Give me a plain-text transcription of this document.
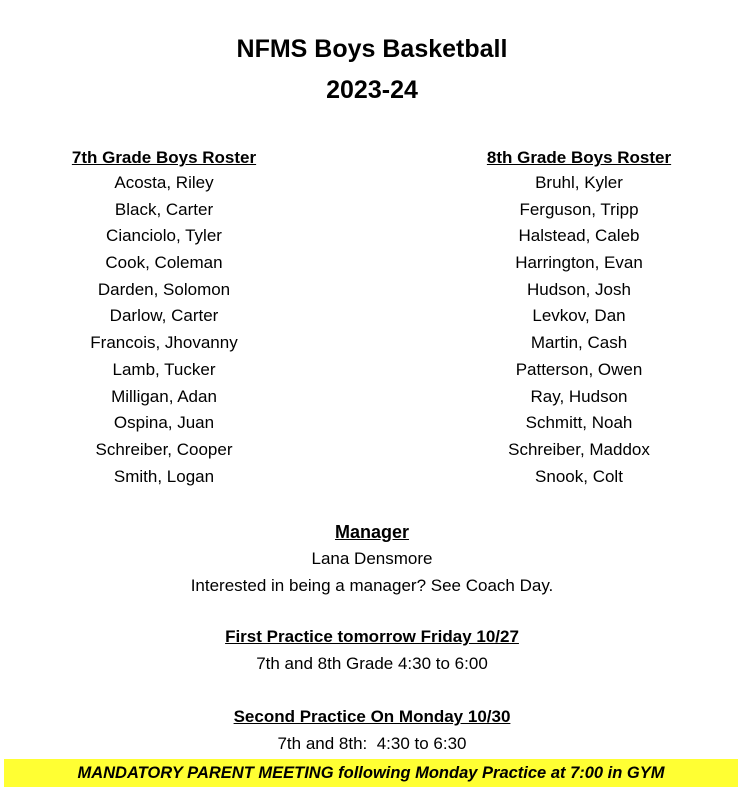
NFMS Boys Basketball
2023-24
7th Grade Boys Roster
Acosta, Riley
Black, Carter
Cianciolo, Tyler
Cook, Coleman
Darden, Solomon
Darlow, Carter
Francois, Jhovanny
Lamb, Tucker
Milligan, Adan
Ospina, Juan
Schreiber, Cooper
Smith, Logan
8th Grade Boys Roster
Bruhl, Kyler
Ferguson, Tripp
Halstead, Caleb
Harrington, Evan
Hudson, Josh
Levkov, Dan
Martin, Cash
Patterson, Owen
Ray, Hudson
Schmitt, Noah
Schreiber, Maddox
Snook, Colt
Manager
Lana Densmore
Interested in being a manager? See Coach Day.
First Practice tomorrow Friday 10/27
7th and 8th Grade 4:30 to 6:00
Second Practice On Monday 10/30
7th and 8th:  4:30 to 6:30
MANDATORY PARENT MEETING following Monday Practice at 7:00 in GYM
